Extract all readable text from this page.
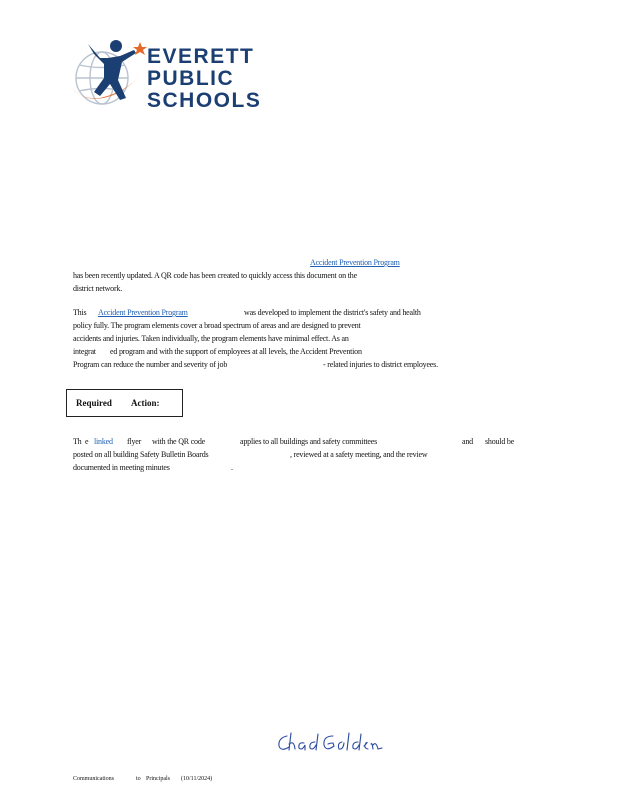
EVERETT
PUBLIC
SCHOOLS
Accident Prevention Program
has been recently updated. A QR code has been created to quickly access this document on the
district network.
This Accident Prevention Program	was developed to implement the district's safety and health
policy fully. The program elements cover a broad spectrum of areas and are designed to prevent
accidents and injuries. Taken individually, the program elements have minimal effect. As an
integrat ed program and with the support of employees at all levels, the Accident Prevention
Program can reduce the number and severity of job	- related injuries to district employees.
Required Action:
Th e linked flyer with the QR code	applies to all buildings and safety committees	and should be
posted on all building Safety Bulletin Boards	, reviewed at a safety meeting, and the review
documented in meeting minutes	.
Communications	to Principals (10/11/2024)
